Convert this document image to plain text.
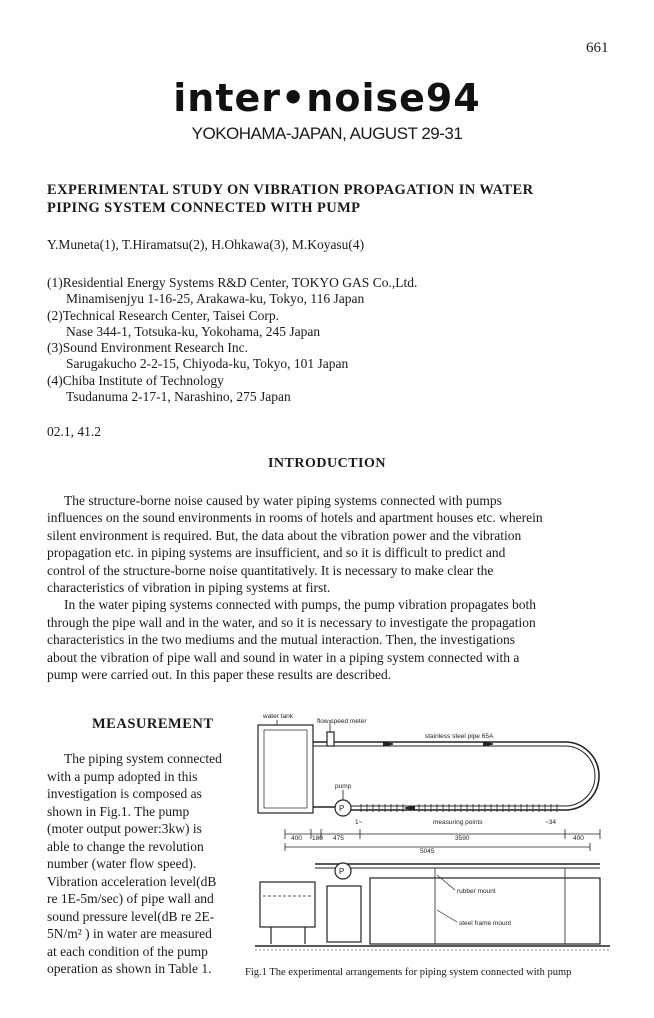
661
inter•noise94
YOKOHAMA-JAPAN, AUGUST 29-31
EXPERIMENTAL STUDY ON VIBRATION PROPAGATION IN WATER
PIPING SYSTEM CONNECTED WITH PUMP
Y.Muneta(1), T.Hiramatsu(2), H.Ohkawa(3), M.Koyasu(4)
(1)Residential Energy Systems R&D Center, TOKYO GAS Co.,Ltd.
Minamisenjyu 1-16-25, Arakawa-ku, Tokyo, 116 Japan
(2)Technical Research Center, Taisei Corp.
Nase 344-1, Totsuka-ku, Yokohama, 245 Japan
(3)Sound Environment Research Inc.
Sarugakucho 2-2-15, Chiyoda-ku, Tokyo, 101 Japan
(4)Chiba Institute of Technology
Tsudanuma 2-17-1, Narashino, 275 Japan
02.1, 41.2
INTRODUCTION

The structure-borne noise caused by water piping systems connected with pumps

influences on the sound environments in rooms of hotels and apartment houses etc. wherein
silent environment is required. But, the data about the vibration power and the vibration
propagation etc. in piping systems are insufficient, and so it is difficult to predict and
control of the structure-borne noise quantitatively. It is necessary to make clear the
characteristics of vibration in piping systems at first.

In the water piping systems connected with pumps, the pump vibration propagates both

through the pipe wall and in the water, and so it is necessary to investigate the propagation
characteristics in the two mediums and the mutual interaction. Then, the investigations
about the vibration of pipe wall and sound in water in a piping system connected with a
pump were carried out. In this paper these results are described.
MEASUREMENT

The piping system connected

with a pump adopted in this

investigation is composed as

shown in Fig.1. The pump

(moter output power:3kw) is

able to change the revolution

number (water flow speed).

Vibration acceleration level(dB

re 1E-5m/sec) of pipe wall and

sound pressure level(dB re 2E-

5N/m² ) in water are measured

at each condition of the pump

operation as shown in Table 1.

water tank
flow speed meter
stainless steel pipe 65A
pump
P
P
1~	measuring points	~34
400 180 475	3590	400
5045
rubber mount
steel frame mount
Fig.1 The experimental arrangements for piping system connected with pump
